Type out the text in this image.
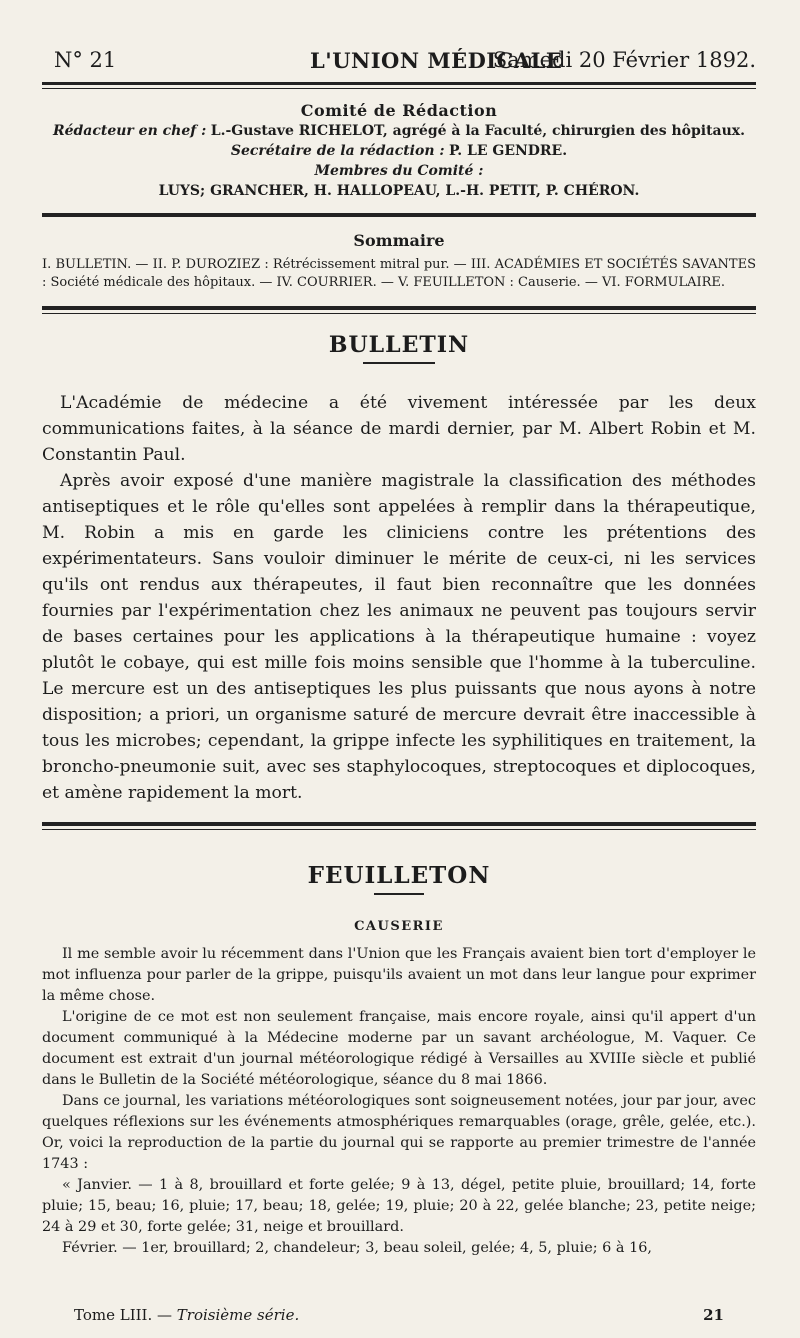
N° 21	L'UNION MÉDICALE
Samedi 20 Février 1892.
Comité de Rédaction
Rédacteur en chef : L.-Gustave RICHELOT, agrégé à la Faculté, chirurgien des hôpitaux.
Secrétaire de la rédaction : P. LE GENDRE.
Membres du Comité :
LUYS; GRANCHER, H. HALLOPEAU, L.-H. PETIT, P. CHÉRON.
Sommaire
I. BULLETIN. — II. P. DUROZIEZ : Rétrécissement mitral pur. — III. ACADÉMIES ET SOCIÉTÉS SAVANTES : Société médicale des hôpitaux. — IV. COURRIER. — V. FEUILLETON : Causerie. — VI. FORMULAIRE.
BULLETIN

L'Académie de médecine a été vivement intéressée par les deux communications faites, à la séance de mardi dernier, par M. Albert Robin et M. Constantin Paul.

Après avoir exposé d'une manière magistrale la classification des méthodes antiseptiques et le rôle qu'elles sont appelées à remplir dans la thérapeutique, M. Robin a mis en garde les cliniciens contre les prétentions des expérimentateurs. Sans vouloir diminuer le mérite de ceux-ci, ni les services qu'ils ont rendus aux thérapeutes, il faut bien reconnaître que les données fournies par l'expérimentation chez les animaux ne peuvent pas toujours servir de bases certaines pour les applications à la thérapeutique humaine : voyez plutôt le cobaye, qui est mille fois moins sensible que l'homme à la tuberculine. Le mercure est un des antiseptiques les plus puissants que nous ayons à notre disposition; a priori, un organisme saturé de mercure devrait être inaccessible à tous les microbes; cependant, la grippe infecte les syphilitiques en traitement, la broncho-pneumonie suit, avec ses staphylocoques, streptocoques et diplocoques, et amène rapidement la mort.

FEUILLETON
CAUSERIE

Il me semble avoir lu récemment dans l'Union que les Français avaient bien tort d'employer le mot influenza pour parler de la grippe, puisqu'ils avaient un mot dans leur langue pour exprimer la même chose.

L'origine de ce mot est non seulement française, mais encore royale, ainsi qu'il appert d'un document communiqué à la Médecine moderne par un savant archéologue, M. Vaquer. Ce document est extrait d'un journal météorologique rédigé à Versailles au XVIIIe siècle et publié dans le Bulletin de la Société météorologique, séance du 8 mai 1866.

Dans ce journal, les variations météorologiques sont soigneusement notées, jour par jour, avec quelques réflexions sur les événements atmosphériques remarquables (orage, grêle, gelée, etc.). Or, voici la reproduction de la partie du journal qui se rapporte au premier trimestre de l'année 1743 :

« Janvier. — 1 à 8, brouillard et forte gelée; 9 à 13, dégel, petite pluie, brouillard; 14, forte pluie; 15, beau; 16, pluie; 17, beau; 18, gelée; 19, pluie; 20 à 22, gelée blanche; 23, petite neige; 24 à 29 et 30, forte gelée; 31, neige et brouillard.

Février. — 1er, brouillard; 2, chandeleur; 3, beau soleil, gelée; 4, 5, pluie; 6 à 16,

Tome LIII. — Troisième série.	21
